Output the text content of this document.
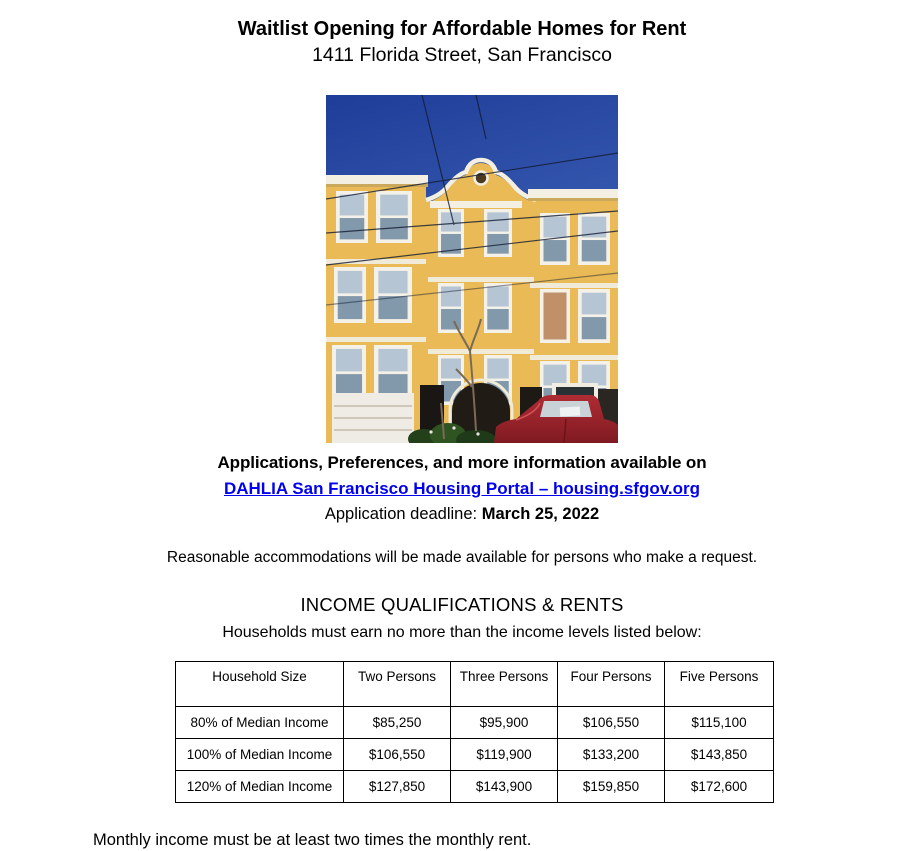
Waitlist Opening for Affordable Homes for Rent
1411 Florida Street, San Francisco
Applications, Preferences, and more information available on
DAHLIA San Francisco Housing Portal – housing.sfgov.org
Application deadline: March 25, 2022
Reasonable accommodations will be made available for persons who make a request.
INCOME QUALIFICATIONS & RENTS
Households must earn no more than the income levels listed below:
Household Size	Two Persons	Three Persons	Four Persons	Five Persons
80% of Median Income	$85,250	$95,900	$106,550	$115,100
100% of Median Income	$106,550	$119,900	$133,200	$143,850
120% of Median Income	$127,850	$143,900	$159,850	$172,600
Monthly income must be at least two times the monthly rent.
